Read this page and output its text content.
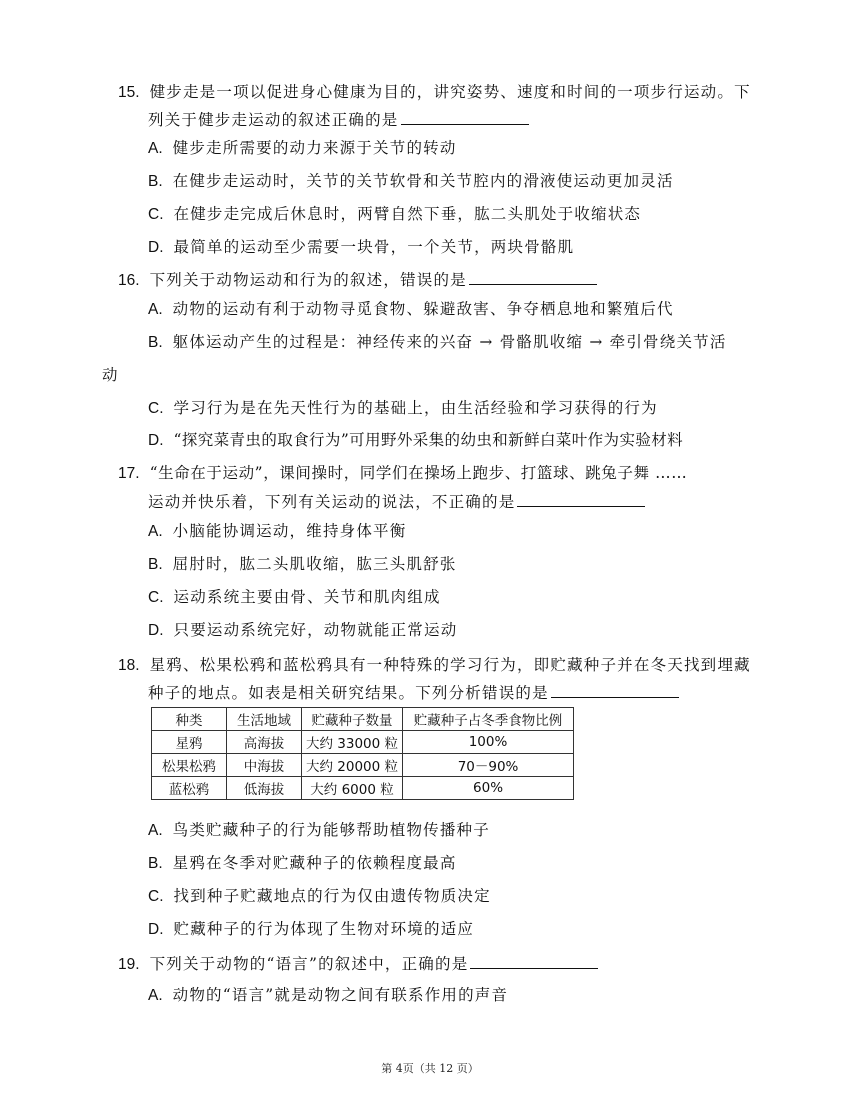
15. 健步走是一项以促进身心健康为目的，讲究姿势、速度和时间的一项步行运动。下
列关于健步走运动的叙述正确的是
A. 健步走所需要的动力来源于关节的转动
B. 在健步走运动时，关节的关节软骨和关节腔内的滑液使运动更加灵活
C. 在健步走完成后休息时，两臂自然下垂，肱二头肌处于收缩状态
D. 最简单的运动至少需要一块骨，一个关节，两块骨骼肌
16. 下列关于动物运动和行为的叙述，错误的是
A. 动物的运动有利于动物寻觅食物、躲避敌害、争夺栖息地和繁殖后代
B. 躯体运动产生的过程是：神经传来的兴奋 → 骨骼肌收缩 → 牵引骨绕关节活
动
C. 学习行为是在先天性行为的基础上，由生活经验和学习获得的行为
D. “探究菜青虫的取食行为”可用野外采集的幼虫和新鲜白菜叶作为实验材料
17. “生命在于运动”，课间操时，同学们在操场上跑步、打篮球、跳兔子舞 ……
运动并快乐着，下列有关运动的说法，不正确的是
A. 小脑能协调运动，维持身体平衡
B. 屈肘时，肱二头肌收缩，肱三头肌舒张
C. 运动系统主要由骨、关节和肌肉组成
D. 只要运动系统完好，动物就能正常运动
18. 星鸦、松果松鸦和蓝松鸦具有一种特殊的学习行为，即贮藏种子并在冬天找到埋藏
种子的地点。如表是相关研究结果。下列分析错误的是
种类	生活地域	贮藏种子数量	贮藏种子占冬季食物比例
星鸦	高海拔	大约 33000 粒	100%
松果松鸦	中海拔	大约 20000 粒	70－90%
蓝松鸦	低海拔	大约 6000 粒	60%
A. 鸟类贮藏种子的行为能够帮助植物传播种子
B. 星鸦在冬季对贮藏种子的依赖程度最高
C. 找到种子贮藏地点的行为仅由遗传物质决定
D. 贮藏种子的行为体现了生物对环境的适应
19. 下列关于动物的“语言”的叙述中，正确的是
A. 动物的“语言”就是动物之间有联系作用的声音
第 4页（共 12 页）
